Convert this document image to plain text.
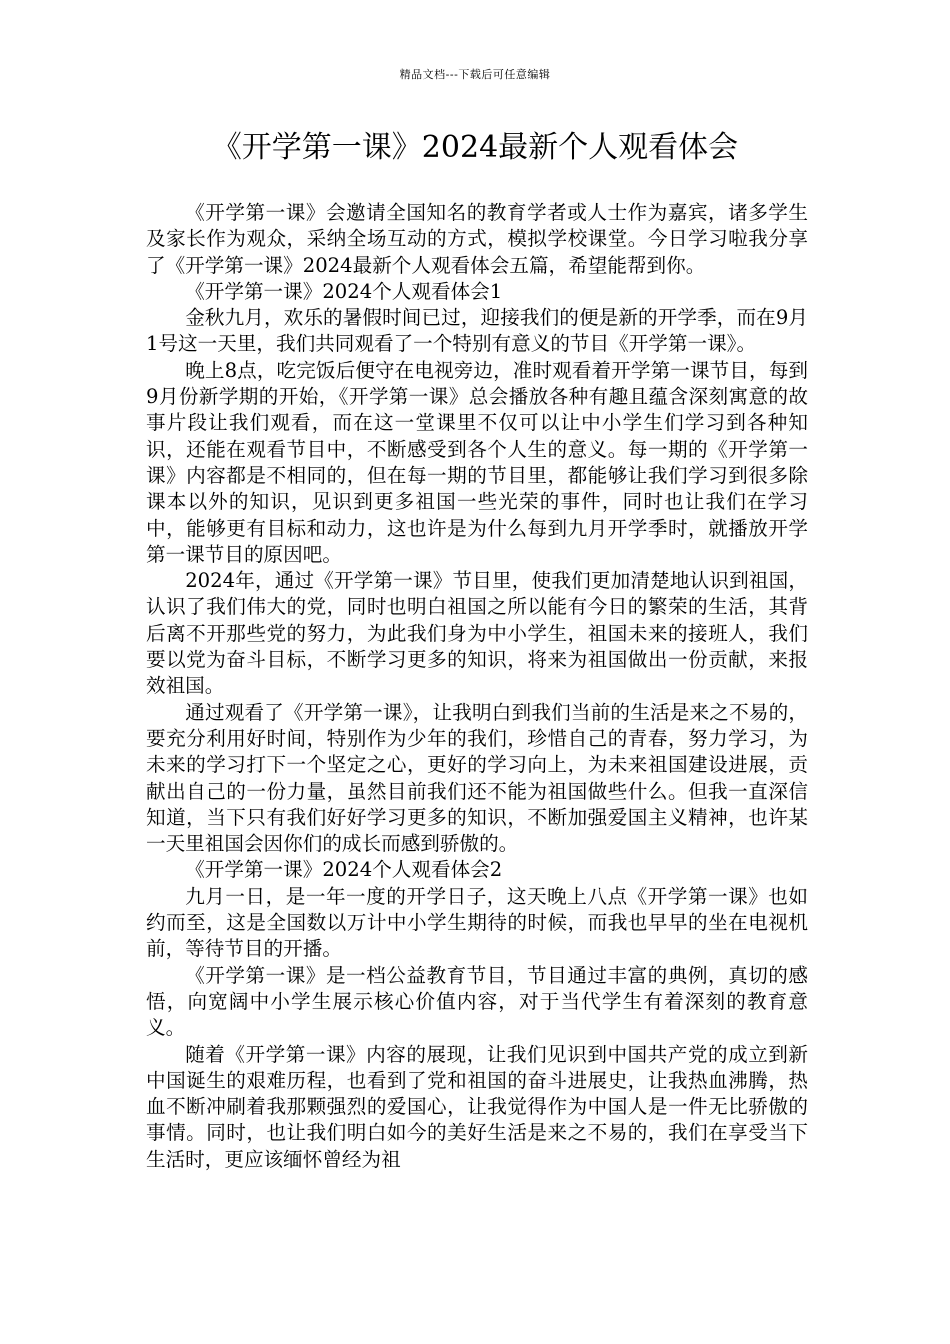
精品文档---下载后可任意编辑
《开学第一课》2024最新个人观看体会

《开学第一课》会邀请全国知名的教育学者或人士作为嘉宾，诸多学生及家长作为观众，采纳全场互动的方式，模拟学校课堂。今日学习啦我分享了《开学第一课》2024最新个人观看体会五篇，希望能帮到你。

《开学第一课》2024个人观看体会1

金秋九月，欢乐的暑假时间已过，迎接我们的便是新的开学季，而在9月1号这一天里，我们共同观看了一个特别有意义的节目《开学第一课》。

晚上8点，吃完饭后便守在电视旁边，准时观看着开学第一课节目，每到9月份新学期的开始，《开学第一课》总会播放各种有趣且蕴含深刻寓意的故事片段让我们观看，而在这一堂课里不仅可以让中小学生们学习到各种知识，还能在观看节目中，不断感受到各个人生的意义。每一期的《开学第一课》内容都是不相同的，但在每一期的节目里，都能够让我们学习到很多除课本以外的知识，见识到更多祖国一些光荣的事件，同时也让我们在学习中，能够更有目标和动力，这也许是为什么每到九月开学季时，就播放开学第一课节目的原因吧。

2024年，通过《开学第一课》节目里，使我们更加清楚地认识到祖国，认识了我们伟大的党，同时也明白祖国之所以能有今日的繁荣的生活，其背后离不开那些党的努力，为此我们身为中小学生，祖国未来的接班人，我们要以党为奋斗目标，不断学习更多的知识，将来为祖国做出一份贡献，来报效祖国。

通过观看了《开学第一课》，让我明白到我们当前的生活是来之不易的，要充分利用好时间，特别作为少年的我们，珍惜自己的青春，努力学习，为未来的学习打下一个坚定之心，更好的学习向上，为未来祖国建设进展，贡献出自己的一份力量，虽然目前我们还不能为祖国做些什么。但我一直深信知道，当下只有我们好好学习更多的知识，不断加强爱国主义精神，也许某一天里祖国会因你们的成长而感到骄傲的。

《开学第一课》2024个人观看体会2

九月一日，是一年一度的开学日子，这天晚上八点《开学第一课》也如约而至，这是全国数以万计中小学生期待的时候，而我也早早的坐在电视机前，等待节目的开播。

《开学第一课》是一档公益教育节目，节目通过丰富的典例，真切的感悟，向宽阔中小学生展示核心价值内容，对于当代学生有着深刻的教育意义。

随着《开学第一课》内容的展现，让我们见识到中国共产党的成立到新中国诞生的艰难历程，也看到了党和祖国的奋斗进展史，让我热血沸腾，热血不断冲刷着我那颗强烈的爱国心，让我觉得作为中国人是一件无比骄傲的事情。同时，也让我们明白如今的美好生活是来之不易的，我们在享受当下生活时，更应该缅怀曾经为祖
